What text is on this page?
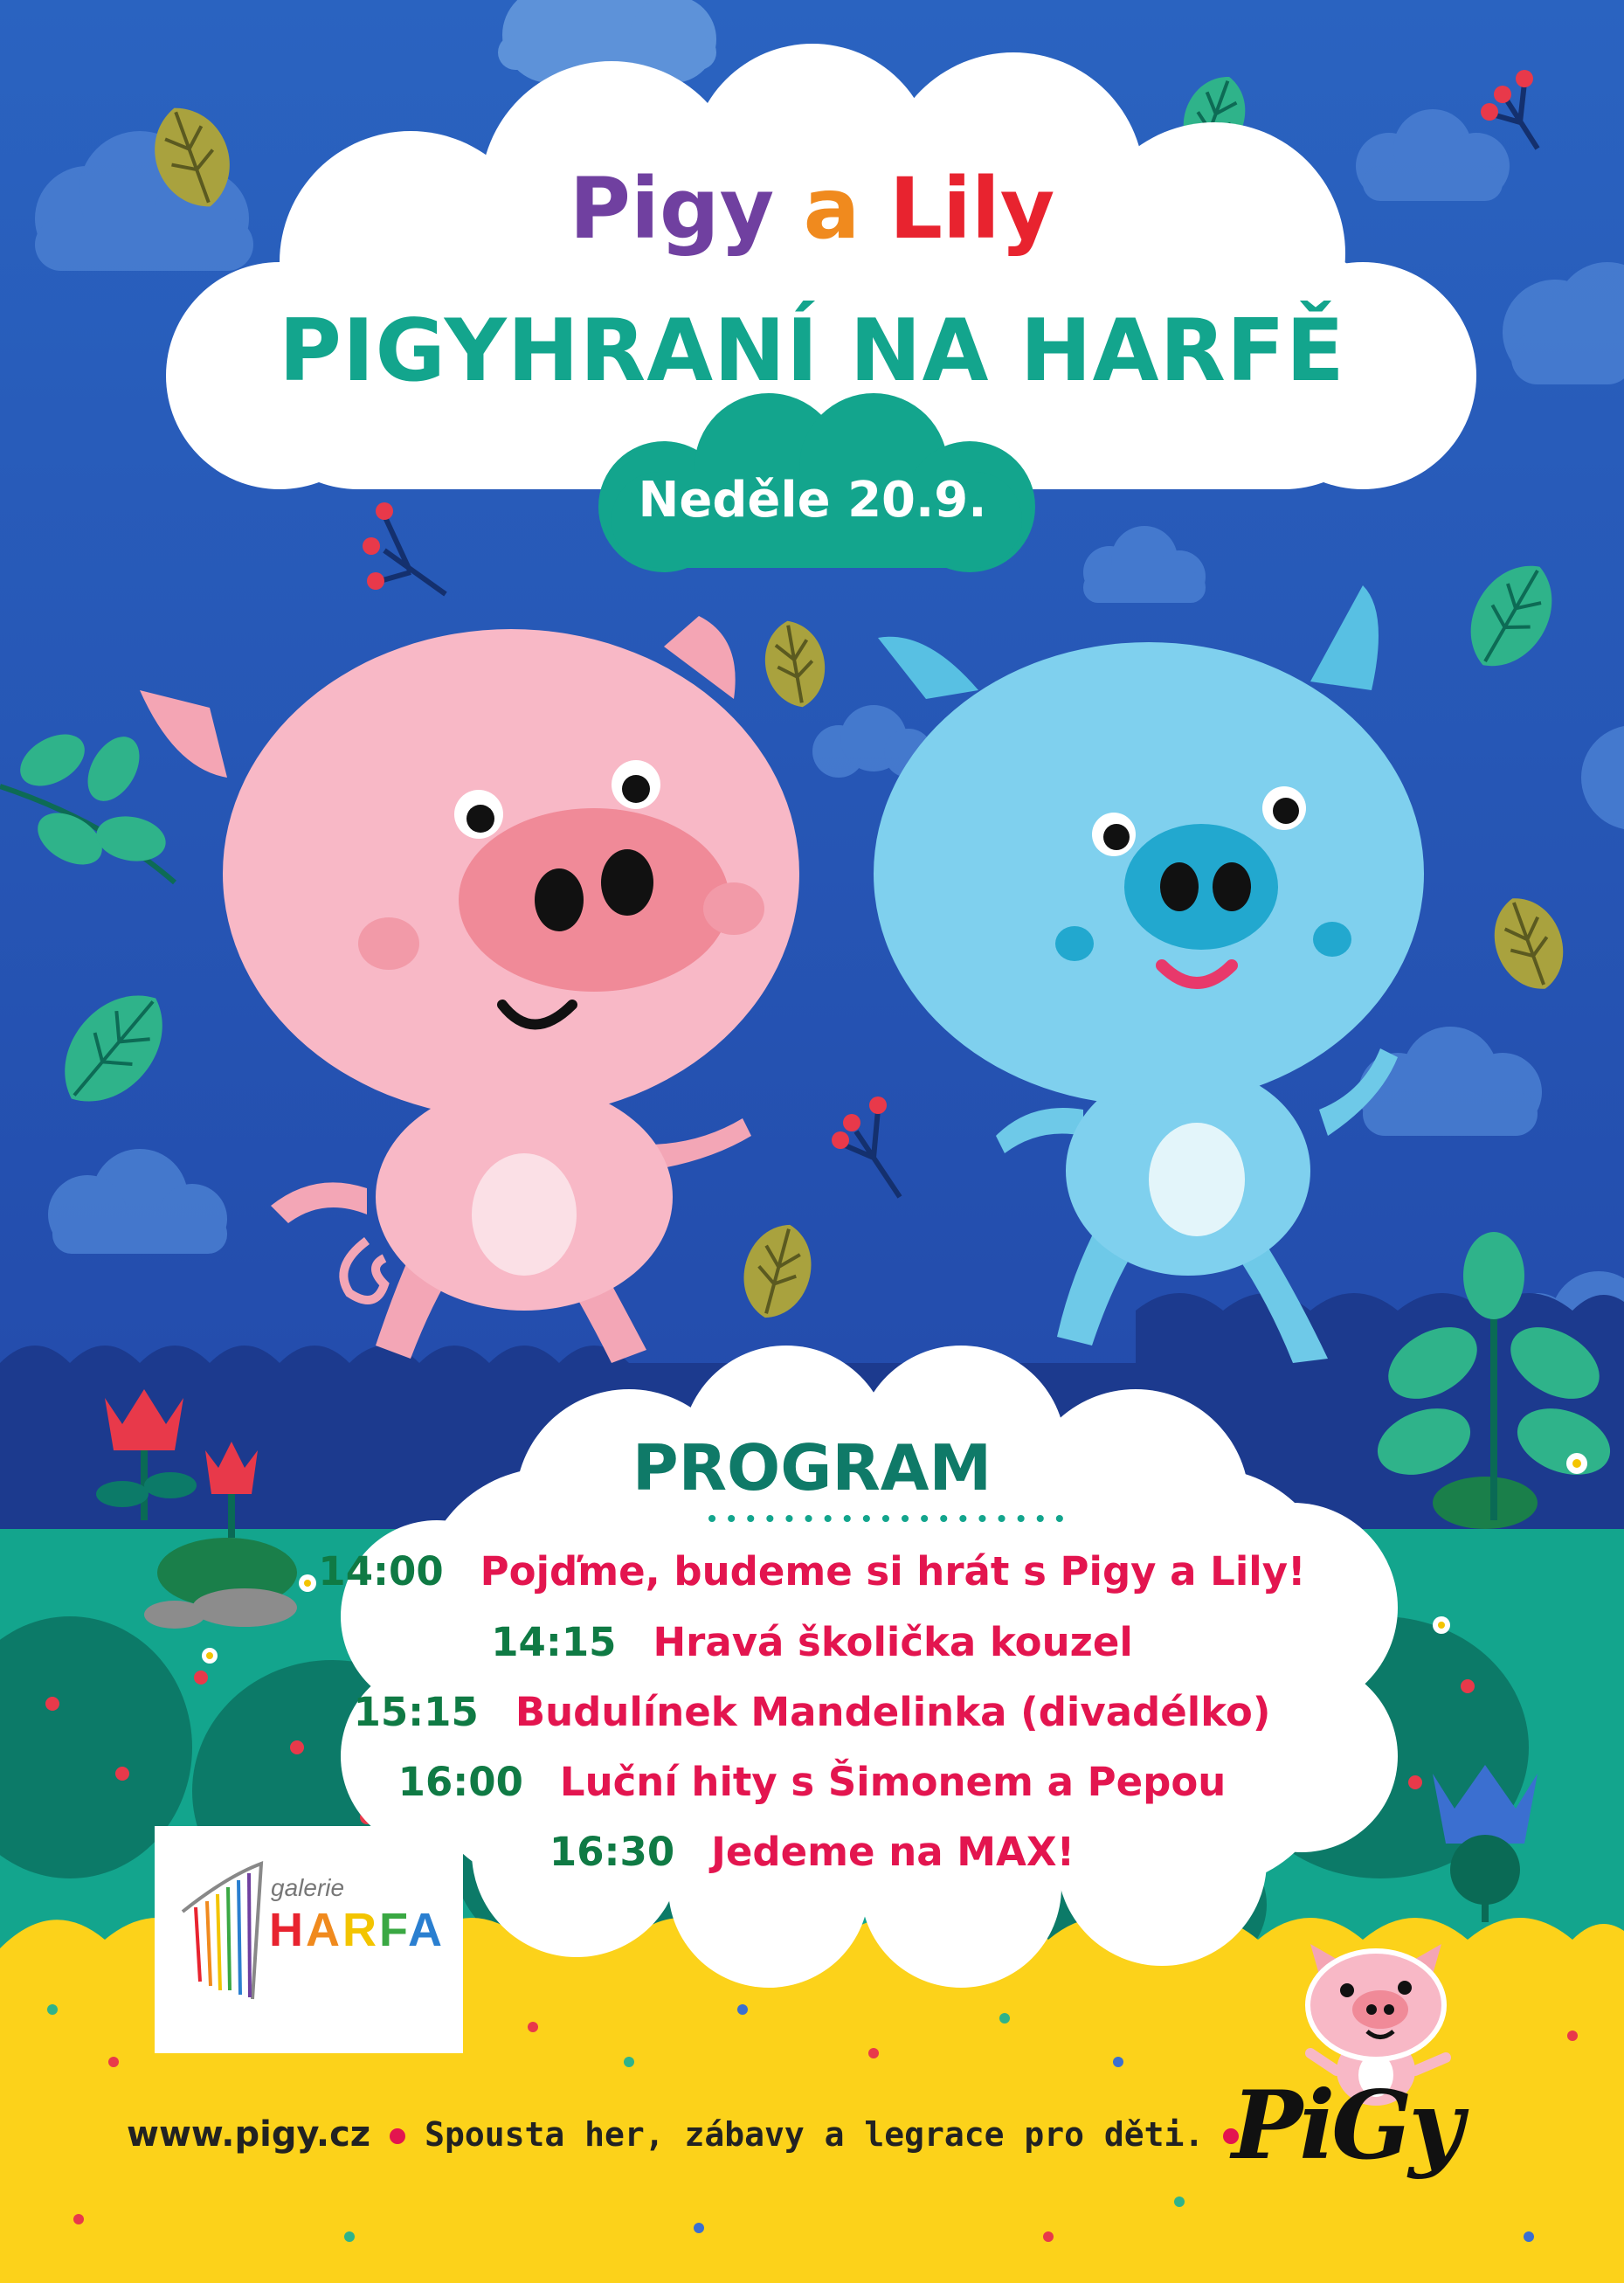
Pigy a Lily
PIGYHRANÍ NA HARFĚ
Neděle 20.9.
PROGRAM
14:00 Pojďme, budeme si hrát s Pigy a Lily!
14:15 Hravá školička kouzel
15:15 Budulínek Mandelinka (divadélko)
16:00 Luční hity s Šimonem a Pepou
16:30 Jedeme na MAX!
galerie
HARFA
www.pigy.cz Spousta her, zábavy a legrace pro děti. PiGy
